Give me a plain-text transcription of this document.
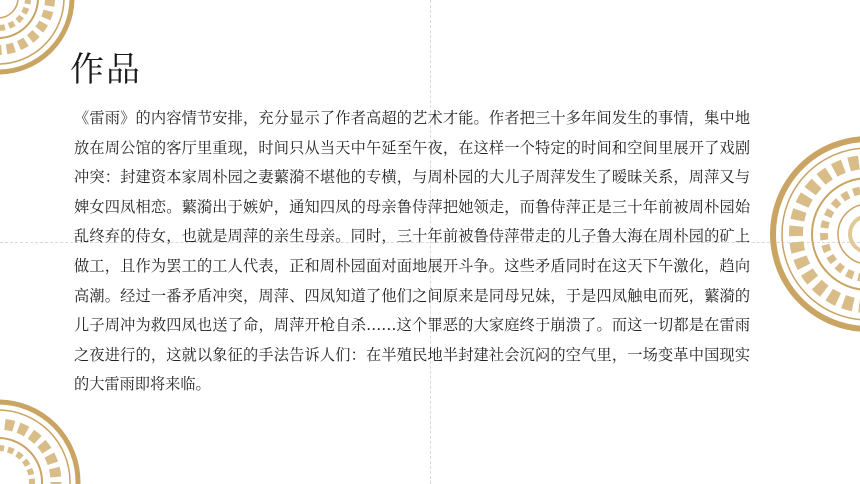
作品
《雷雨》的内容情节安排，充分显示了作者高超的艺术才能。作者把三十多年间发生的事情，集中地放在周公馆的客厅里重现，时间只从当天中午延至午夜，在这样一个特定的时间和空间里展开了戏剧冲突：封建资本家周朴园之妻蘩漪不堪他的专横，与周朴园的大儿子周萍发生了暧昧关系，周萍又与婢女四凤相恋。蘩漪出于嫉妒，通知四凤的母亲鲁侍萍把她领走，而鲁侍萍正是三十年前被周朴园始乱终弃的侍女，也就是周萍的亲生母亲。同时，三十年前被鲁侍萍带走的儿子鲁大海在周朴园的矿上做工，且作为罢工的工人代表，正和周朴园面对面地展开斗争。这些矛盾同时在这天下午激化，趋向高潮。经过一番矛盾冲突，周萍、四凤知道了他们之间原来是同母兄妹，于是四凤触电而死，蘩漪的儿子周冲为救四凤也送了命，周萍开枪自杀……这个罪恶的大家庭终于崩溃了。而这一切都是在雷雨之夜进行的，这就以象征的手法告诉人们：在半殖民地半封建社会沉闷的空气里，一场变革中国现实的大雷雨即将来临。
